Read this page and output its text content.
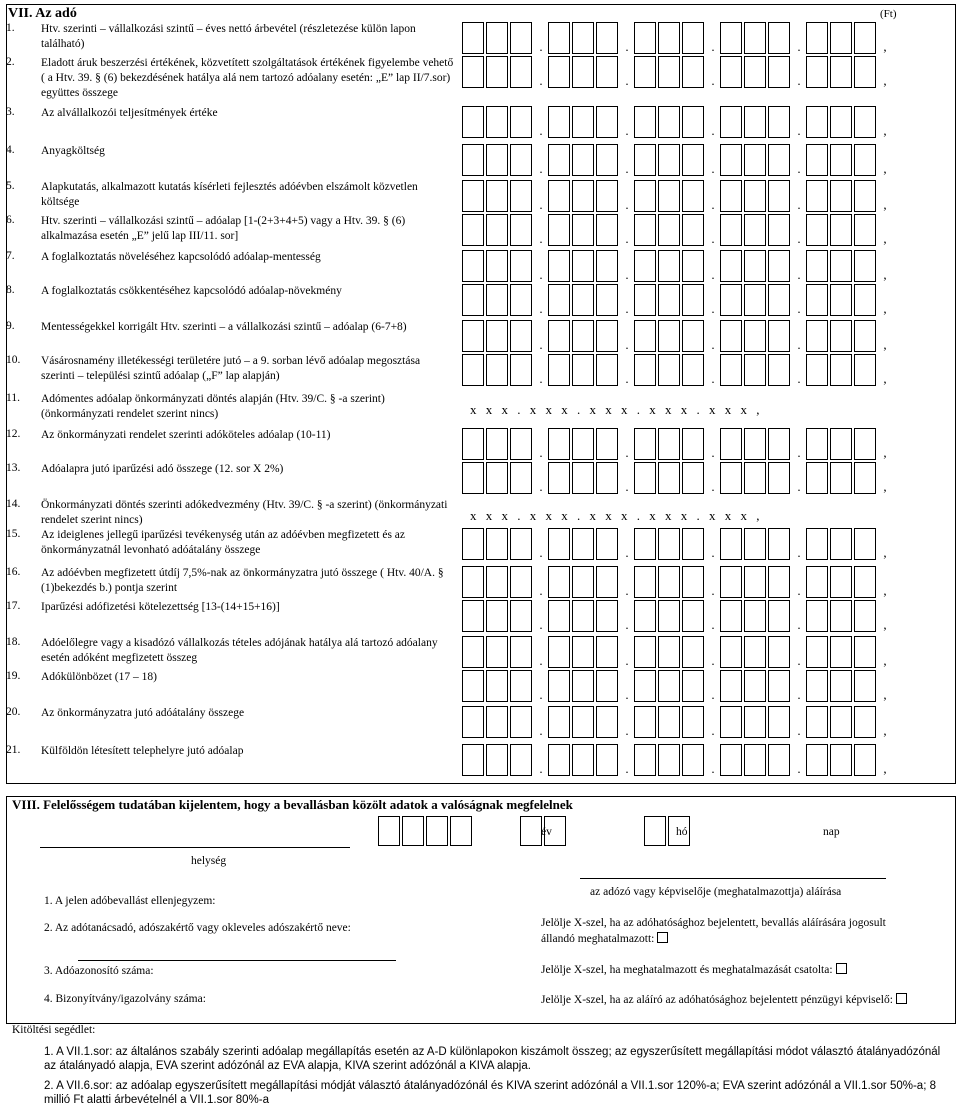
VII. Az adó	(Ft)
1. Htv. szerinti – vállalkozási szintű – éves nettó árbevétel (részletezése külön lapon található)	.	.	.	.	,
2. Eladott áruk beszerzési értékének, közvetített szolgáltatások értékének figyelembe vehető ( a Htv. 39. § (6) bekezdésének hatálya alá nem tartozó adóalany esetén: „E” lap II/7.sor) együttes összege
.	.	.	.	,
3. Az alvállalkozói teljesítmények értéke
.	.	.	.	,
4. Anyagköltség
.	.	.	.	,
5. Alapkutatás, alkalmazott kutatás kísérleti fejlesztés adóévben elszámolt közvetlen költsége	.	.	.	.	,
6. Htv. szerinti – vállalkozási szintű – adóalap [1-(2+3+4+5) vagy a Htv. 39. § (6) alkalmazása esetén „E” jelű lap III/11. sor]	.	.	.	.	,
7. A foglalkoztatás növeléséhez kapcsolódó adóalap-mentesség
.	.	.	.	,
8. A foglalkoztatás csökkentéséhez kapcsolódó adóalap-növekmény
.	.	.	.	,
9. Mentességekkel korrigált Htv. szerinti – a vállalkozási szintű – adóalap (6-7+8)
.	.	.	.	,
10. Vásárosnamény illetékességi területére jutó – a 9. sorban lévő adóalap megosztása szerinti – települési szintű adóalap („F” lap alapján)	.	.	.	.	,
11. Adómentes adóalap önkormányzati döntés alapján (Htv. 39/C. § -a szerint) (önkormányzati rendelet szerint nincs)	x x x . x x x . x x x . x x x . x x x ,
12. Az önkormányzati rendelet szerinti adóköteles adóalap (10-11)
.	.	.	.	,
13. Adóalapra jutó iparűzési adó összege (12. sor X 2%)
.	.	.	.	,
14. Önkormányzati döntés szerinti adókedvezmény (Htv. 39/C. § -a szerint) (önkormányzati rendelet szerint nincs)	x x x . x x x . x x x . x x x . x x x ,
15. Az ideiglenes jellegű iparűzési tevékenység után az adóévben megfizetett és az önkormányzatnál levonható adóátalány összege	.	.	.	.	,
16. Az adóévben megfizetett útdíj 7,5%-nak az önkormányzatra jutó összege ( Htv. 40/A. § (1)bekezdés b.) pontja szerint	.	.	.	.	,
17. Iparűzési adófizetési kötelezettség [13-(14+15+16)]
.	.	.	.	,
18. Adóelőlegre vagy a kisadózó vállalkozás tételes adójának hatálya alá tartozó adóalany esetén adóként megfizetett összeg	.	.	.	.	,
19. Adókülönbözet (17 – 18)
.	.	.	.	,
20. Az önkormányzatra jutó adóátalány összege
.	.	.	.	,
21. Külföldön létesített telephelyre jutó adóalap
.	.	.	.	,
VIII. Felelősségem tudatában kijelentem, hogy a bevallásban közölt adatok a valóságnak megfelelnek

év	hó	nap
helység
az adózó vagy képviselője (meghatalmazottja) aláírása
1. A jelen adóbevallást ellenjegyzem:
2. Az adótanácsadó, adószakértő vagy okleveles adószakértő neve:
3. Adóazonosító száma:
4. Bizonyítvány/igazolvány száma:
Jelölje X-szel, ha az adóhatósághoz bejelentett, bevallás aláírására jogosult állandó meghatalmazott:
Jelölje X-szel, ha meghatalmazott és meghatalmazását csatolta:
Jelölje X-szel, ha az aláíró az adóhatósághoz bejelentett pénzügyi képviselő:
Kitöltési segédlet:
1. A VII.1.sor: az általános szabály szerinti adóalap megállapítás esetén az A-D különlapokon kiszámolt összeg; az egyszerűsített megállapítási módot választó átalányadózónál az átalányadó alapja, EVA szerint adózónál az EVA alapja, KIVA szerint adózónál a KIVA alapja.
2. A VII.6.sor: az adóalap egyszerűsített megállapítási módját választó átalányadózónál és KIVA szerint adózónál a VII.1.sor 120%-a; EVA szerint adózónál a VII.1.sor 50%-a; 8 millió Ft alatti árbevételnél a VII.1.sor 80%-a
